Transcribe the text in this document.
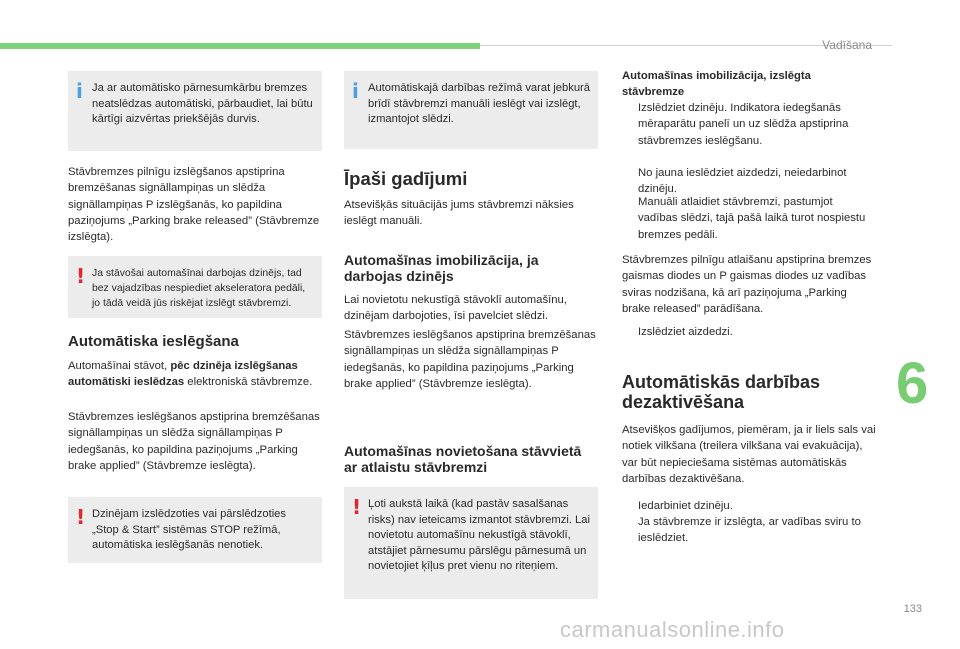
Vadīšana
i Ja ar automātisko pārnesumkārbu bremzes neatslēdzas automātiski, pārbaudiet, lai būtu kārtīgi aizvērtas priekšējās durvis.
Stāvbremzes pilnīgu izslēgšanos apstiprina bremzēšanas signāllampiņas un slēdža signāllampiņas P izslēgšanās, ko papildina paziņojums „Parking brake released” (Stāvbremze izslēgta).
! Ja stāvošai automašīnai darbojas dzinējs, tad bez vajadzības nespiediet akseleratora pedāli, jo tādā veidā jūs riskējat izslēgt stāvbremzi.
Automātiska ieslēgšana
Automašīnai stāvot, pēc dzinēja izslēgšanas automātiski ieslēdzas elektroniskā stāvbremze.
Stāvbremzes ieslēgšanos apstiprina bremzēšanas signāllampiņas un slēdža signāllampiņas P iedegšanās, ko papildina paziņojums „Parking brake applied” (Stāvbremze ieslēgta).
! Dzinējam izslēdzoties vai pārslēdzoties „Stop & Start” sistēmas STOP režīmā, automātiska ieslēgšanās nenotiek.
i Automātiskajā darbības režīmā varat jebkurā brīdī stāvbremzi manuāli ieslēgt vai izslēgt, izmantojot slēdzi.
Īpaši gadījumi
Atsevišķās situācijās jums stāvbremzi nāksies ieslēgt manuāli.
Automašīnas imobilizācija, ja darbojas dzinējs
Lai novietotu nekustīgā stāvoklī automašīnu, dzinējam darbojoties, īsi pavelciet slēdzi.
Stāvbremzes ieslēgšanos apstiprina bremzēšanas signāllampiņas un slēdža signāllampiņas P iedegšanās, ko papildina paziņojums „Parking brake applied” (Stāvbremze ieslēgta).
Automašīnas novietošana stāvvietā ar atlaistu stāvbremzi
! Ļoti aukstā laikā (kad pastāv sasalšanas risks) nav ieteicams izmantot stāvbremzi. Lai novietotu automašīnu nekustīgā stāvoklī, atstājiet pārnesumu pārslēgu pārnesumā un novietojiet ķīļus pret vienu no riteņiem.
Automašīnas imobilizācija, izslēgta stāvbremze
Izslēdziet dzinēju. Indikatora iedegšanās mēraparātu panelī un uz slēdža apstiprina stāvbremzes ieslēgšanu.
No jauna ieslēdziet aizdedzi, neiedarbinot dzinēju.
Manuāli atlaidiet stāvbremzi, pastumjot vadības slēdzi, tajā pašā laikā turot nospiestu bremzes pedāli.
Stāvbremzes pilnīgu atlaišanu apstiprina bremzes gaismas diodes un P gaismas diodes uz vadības sviras nodzišana, kā arī paziņojuma „Parking brake released” parādīšana.
Izslēdziet aizdedzi.
Automātiskās darbības dezaktivēšana
Atsevišķos gadījumos, piemēram, ja ir liels sals vai notiek vilkšana (treilera vilkšana vai evakuācija), var būt nepieciešama sistēmas automātiskās darbības dezaktivēšana.
Iedarbiniet dzinēju.
Ja stāvbremze ir izslēgta, ar vadības sviru to ieslēdziet.
6
133
carmanualsonline.info
